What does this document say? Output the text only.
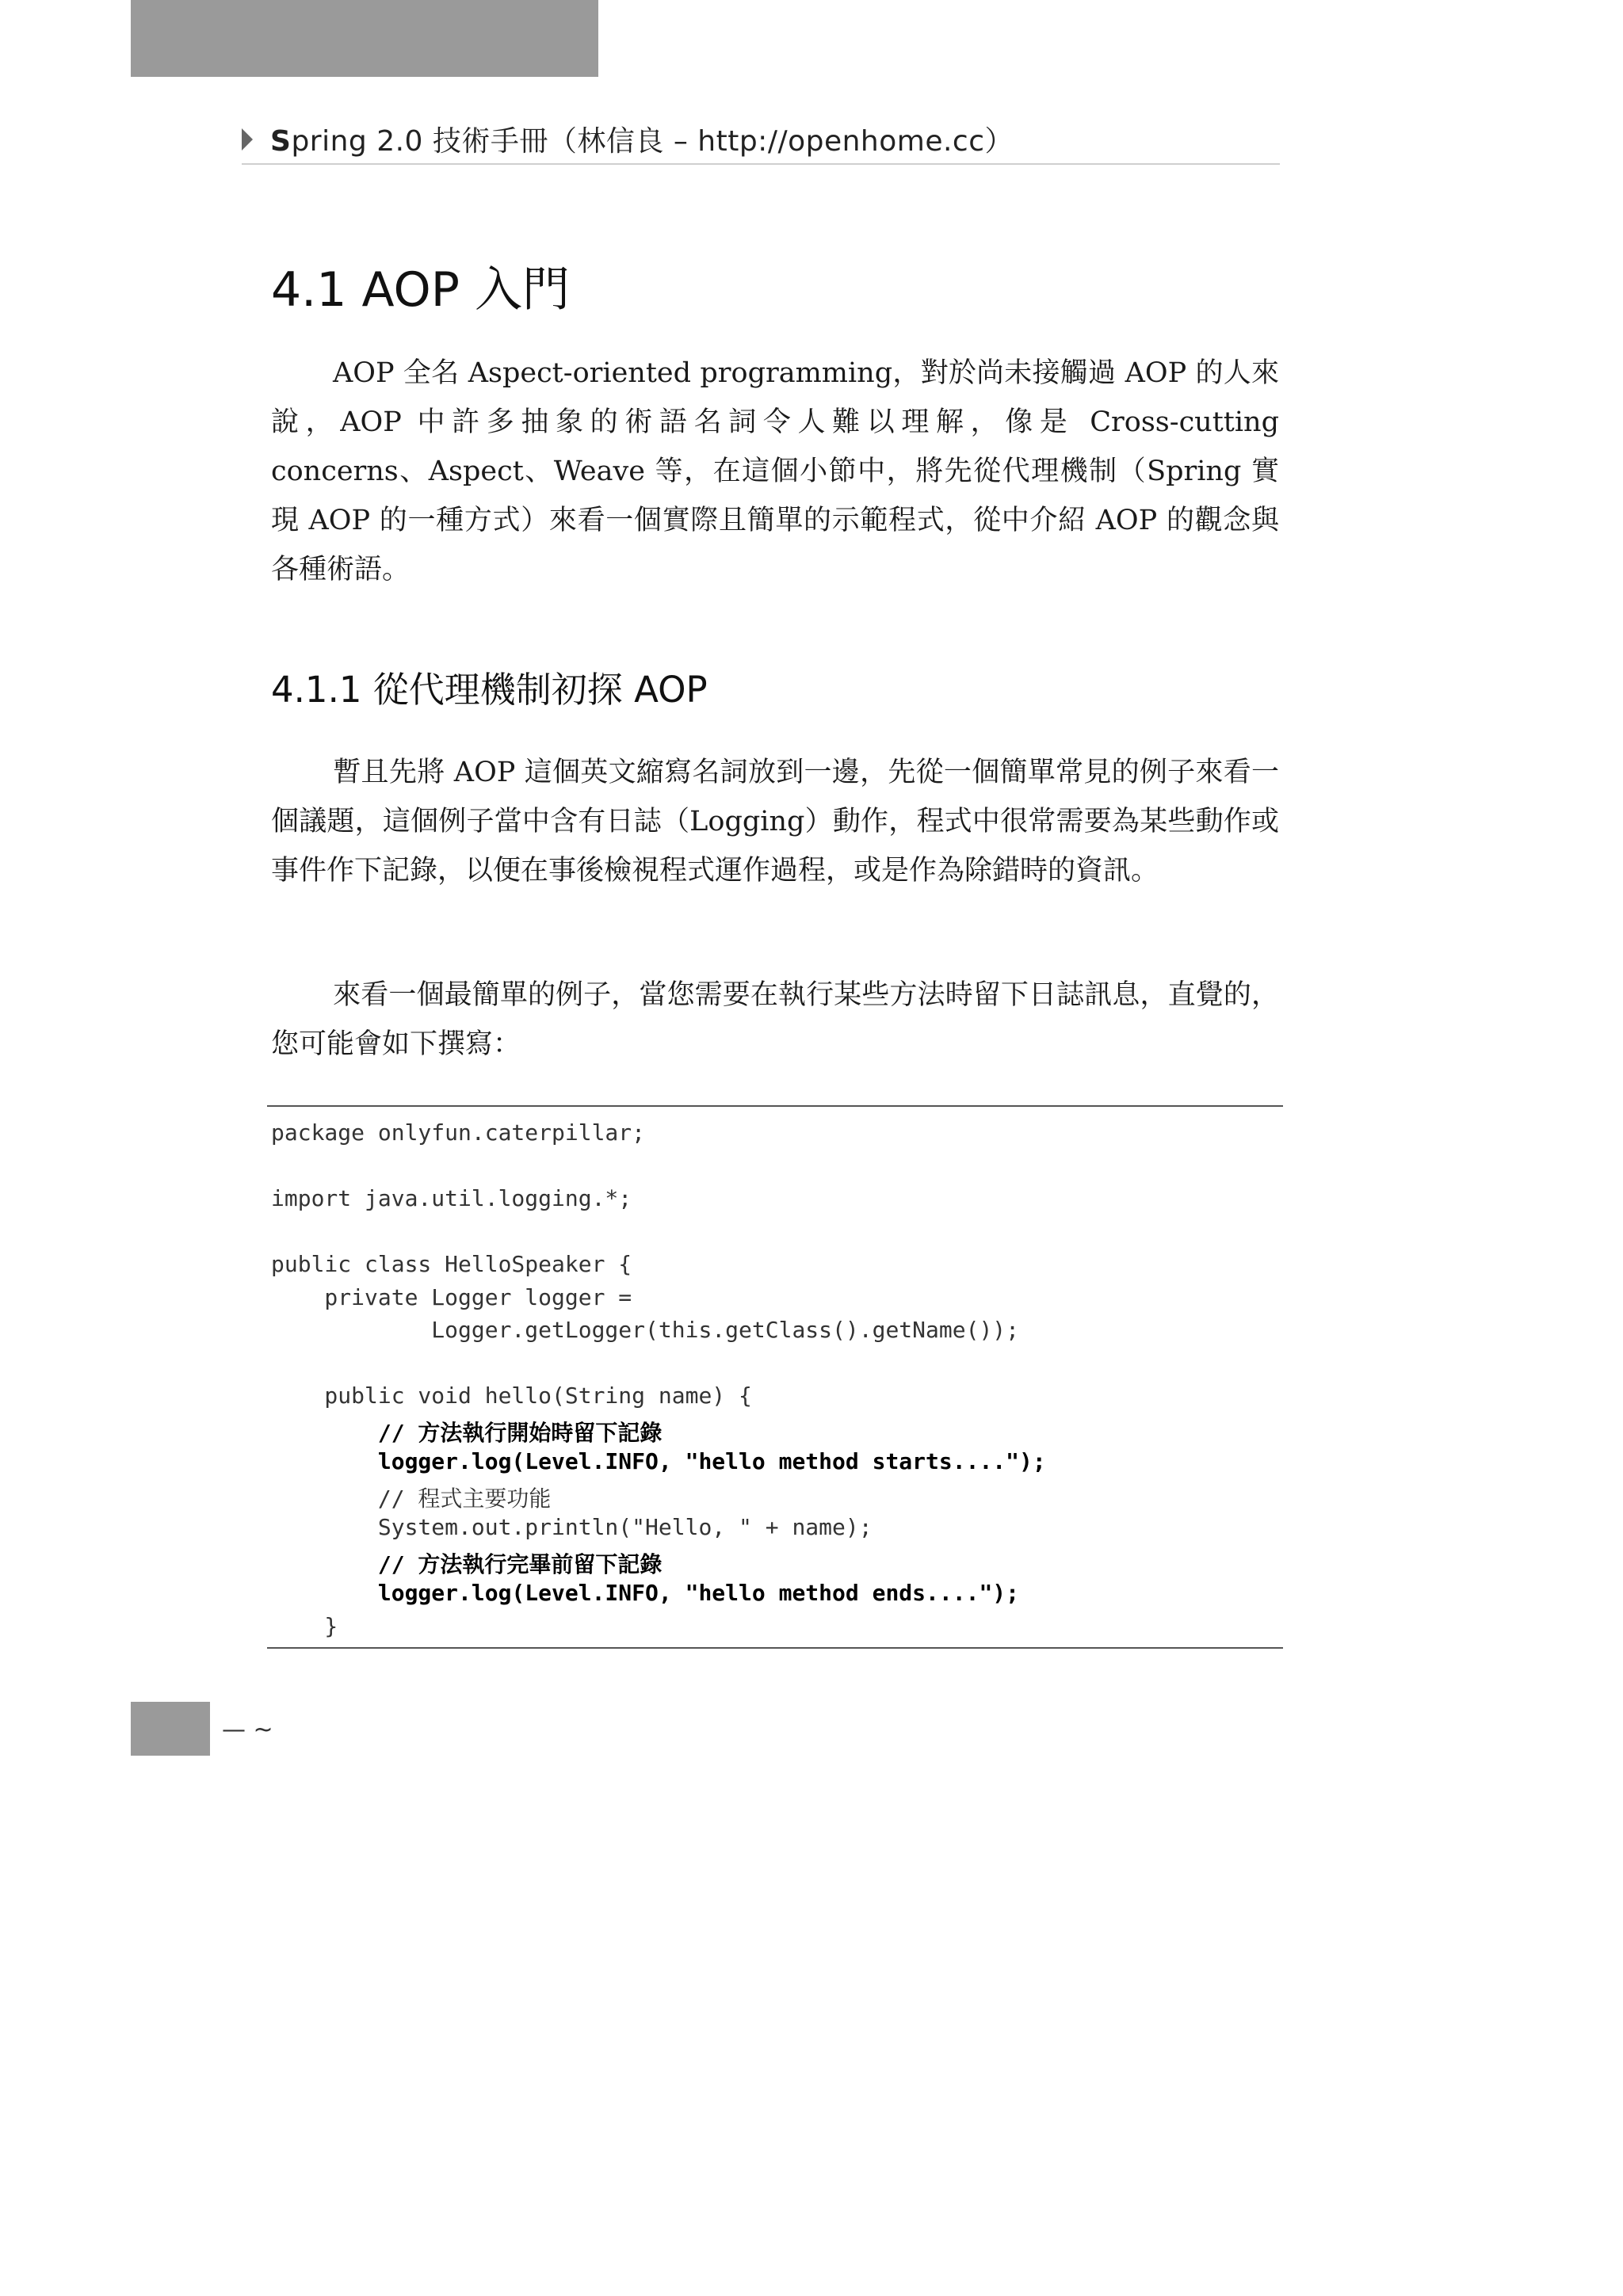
Spring 2.0 技術手冊（林信良 – http://openhome.cc）
4.1 AOP 入門

AOP 全名 Aspect-oriented programming，對於尚未接觸過 AOP 的人來說，AOP 中許多抽象的術語名詞令人難以理解，像是 Cross-cutting concerns、Aspect、Weave 等，在這個小節中，將先從代理機制（Spring 實現 AOP 的一種方式）來看一個實際且簡單的示範程式，從中介紹 AOP 的觀念與各種術語。

4.1.1 從代理機制初探 AOP

暫且先將 AOP 這個英文縮寫名詞放到一邊，先從一個簡單常見的例子來看一個議題，這個例子當中含有日誌（Logging）動作，程式中很常需要為某些動作或事件作下記錄，以便在事後檢視程式運作過程，或是作為除錯時的資訊。

來看一個最簡單的例子，當您需要在執行某些方法時留下日誌訊息，直覺的，您可能會如下撰寫：

package onlyfun.caterpillar;
import java.util.logging.*;
public class HelloSpeaker {
private Logger logger =
Logger.getLogger(this.getClass().getName());
public void hello(String name) {
// 方法執行開始時留下記錄
logger.log(Level.INFO, "hello method starts....");
// 程式主要功能
System.out.println("Hello, " + name);
// 方法執行完畢前留下記錄
logger.log(Level.INFO, "hello method ends....");
}
— ~
